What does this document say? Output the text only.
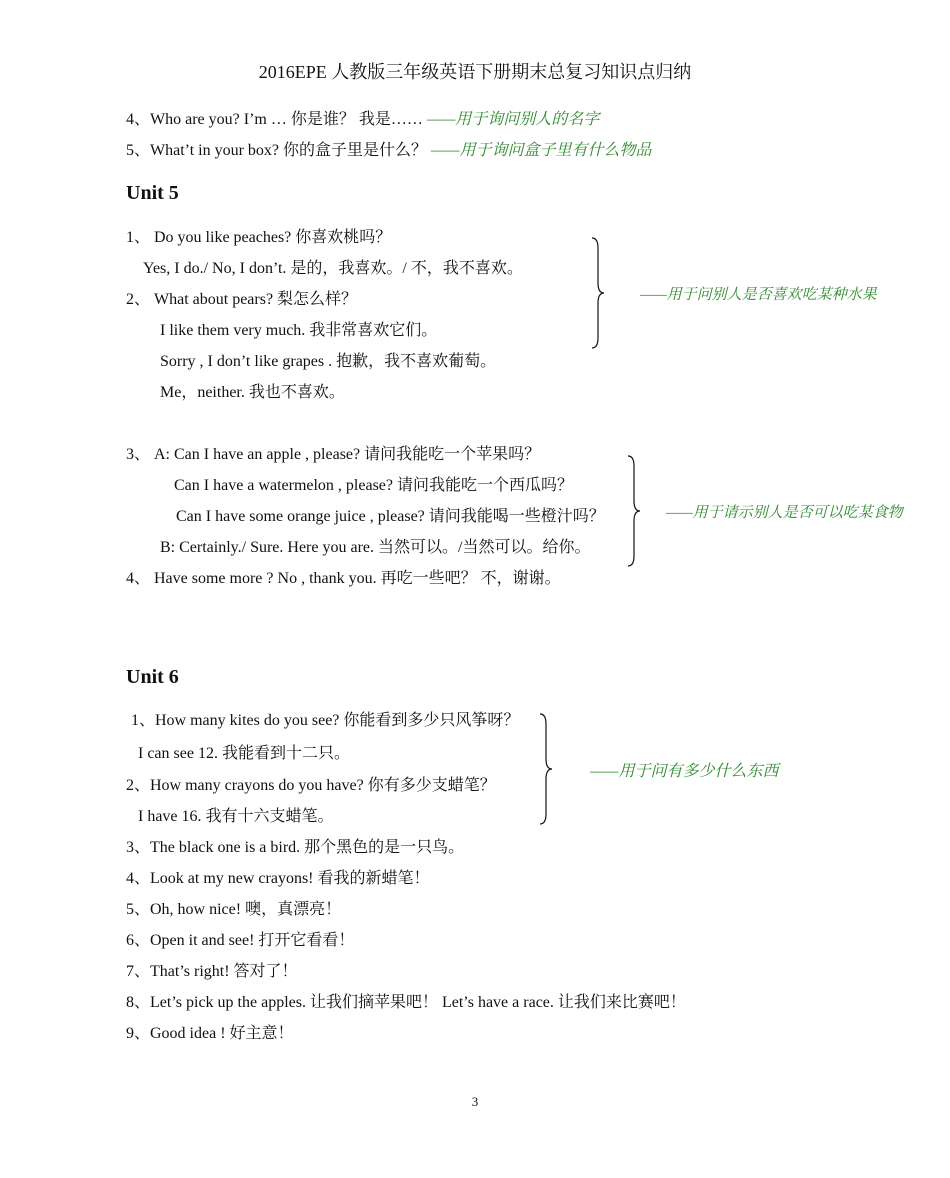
2016EPE 人教版三年级英语下册期末总复习知识点归纳
4、Who are you? I’m … 你是谁？ 我是…… ——用于询问别人的名字
5、What’t in your box? 你的盒子里是什么？ ——用于询问盒子里有什么物品
Unit 5
1、 Do you like peaches? 你喜欢桃吗？
Yes, I do./ No, I don’t. 是的，我喜欢。/ 不，我不喜欢。
2、 What about pears? 梨怎么样？
I like them very much. 我非常喜欢它们。
Sorry , I don’t like grapes . 抱歉，我不喜欢葡萄。
Me，neither. 我也不喜欢。
——用于问别人是否喜欢吃某种水果
3、 A: Can I have an apple , please? 请问我能吃一个苹果吗？
Can I have a watermelon , please? 请问我能吃一个西瓜吗？
Can I have some orange juice , please? 请问我能喝一些橙汁吗？
B: Certainly./ Sure. Here you are. 当然可以。/当然可以。给你。
4、 Have some more ? No , thank you. 再吃一些吧？ 不，谢谢。
——用于请示别人是否可以吃某食物
Unit 6
1、How many kites do you see? 你能看到多少只风筝呀？
I can see 12. 我能看到十二只。
2、How many crayons do you have? 你有多少支蜡笔？
I have 16. 我有十六支蜡笔。
3、The black one is a bird. 那个黑色的是一只鸟。
4、Look at my new crayons! 看我的新蜡笔！
5、Oh, how nice! 噢，真漂亮！
6、Open it and see! 打开它看看！
7、That’s right! 答对了！
8、Let’s pick up the apples. 让我们摘苹果吧！ Let’s have a race. 让我们来比赛吧！
9、Good idea ! 好主意！
——用于问有多少什么东西
3
